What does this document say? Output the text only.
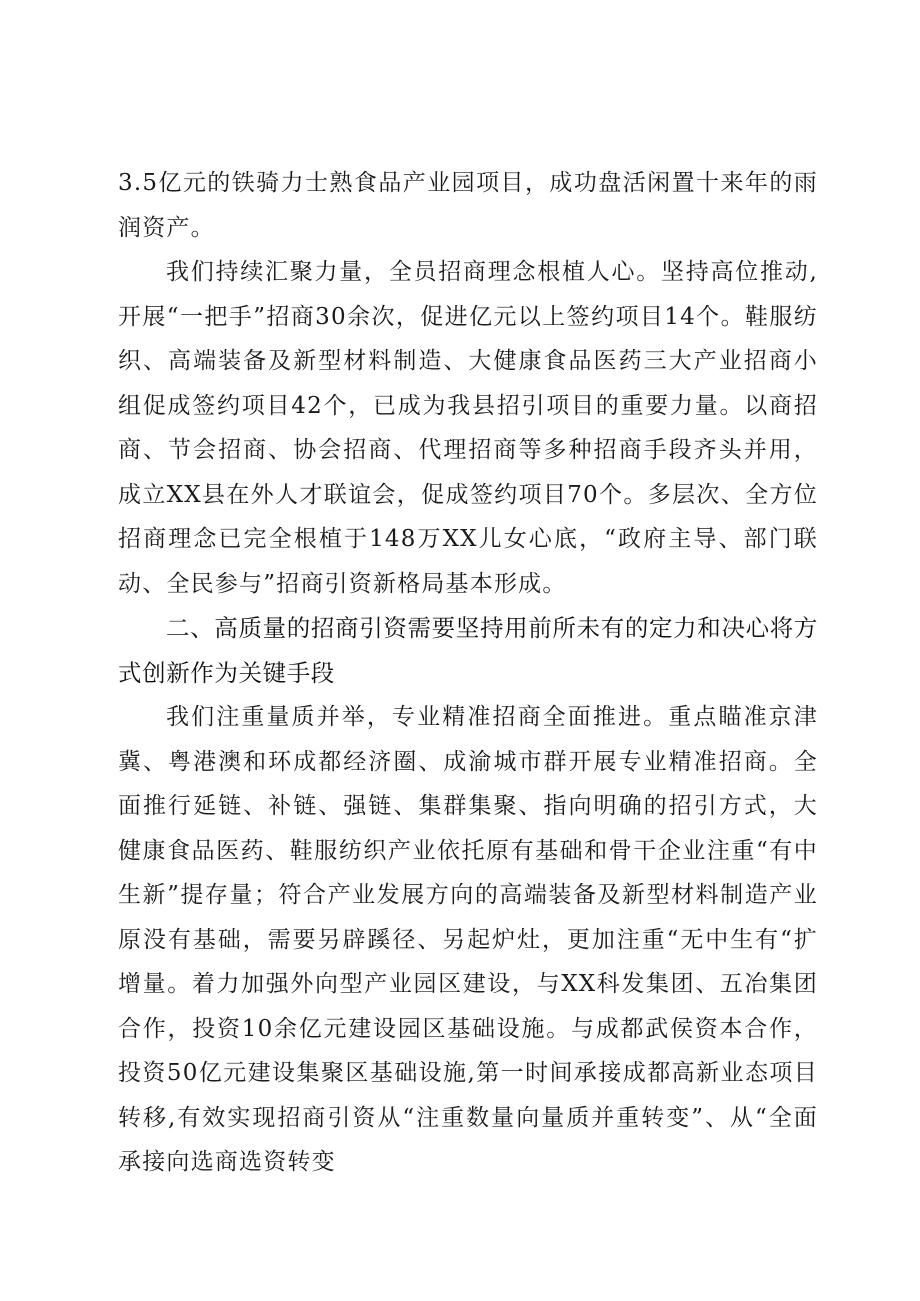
3.5亿元的铁骑力士熟食品产业园项目，成功盘活闲置十来年的雨润资产。

我们持续汇聚力量，全员招商理念根植人心。坚持高位推动,开展“一把手”招商30余次，促进亿元以上签约项目14个。鞋服纺织、高端装备及新型材料制造、大健康食品医药三大产业招商小组促成签约项目42个，已成为我县招引项目的重要力量。以商招商、节会招商、协会招商、代理招商等多种招商手段齐头并用，成立XX县在外人才联谊会，促成签约项目70个。多层次、全方位招商理念已完全根植于148万XX儿女心底，“政府主导、部门联动、全民参与”招商引资新格局基本形成。

二、高质量的招商引资需要坚持用前所未有的定力和决心将方式创新作为关键手段

我们注重量质并举，专业精准招商全面推进。重点瞄准京津冀、粤港澳和环成都经济圈、成渝城市群开展专业精准招商。全面推行延链、补链、强链、集群集聚、指向明确的招引方式，大健康食品医药、鞋服纺织产业依托原有基础和骨干企业注重“有中生新”提存量；符合产业发展方向的高端装备及新型材料制造产业原没有基础，需要另辟蹊径、另起炉灶，更加注重“无中生有“扩增量。着力加强外向型产业园区建设，与XX科发集团、五冶集团合作，投资10余亿元建设园区基础设施。与成都武侯资本合作，投资50亿元建设集聚区基础设施,第一时间承接成都高新业态项目转移,有效实现招商引资从“注重数量向量质并重转变”、从“全面承接向选商选资转变
